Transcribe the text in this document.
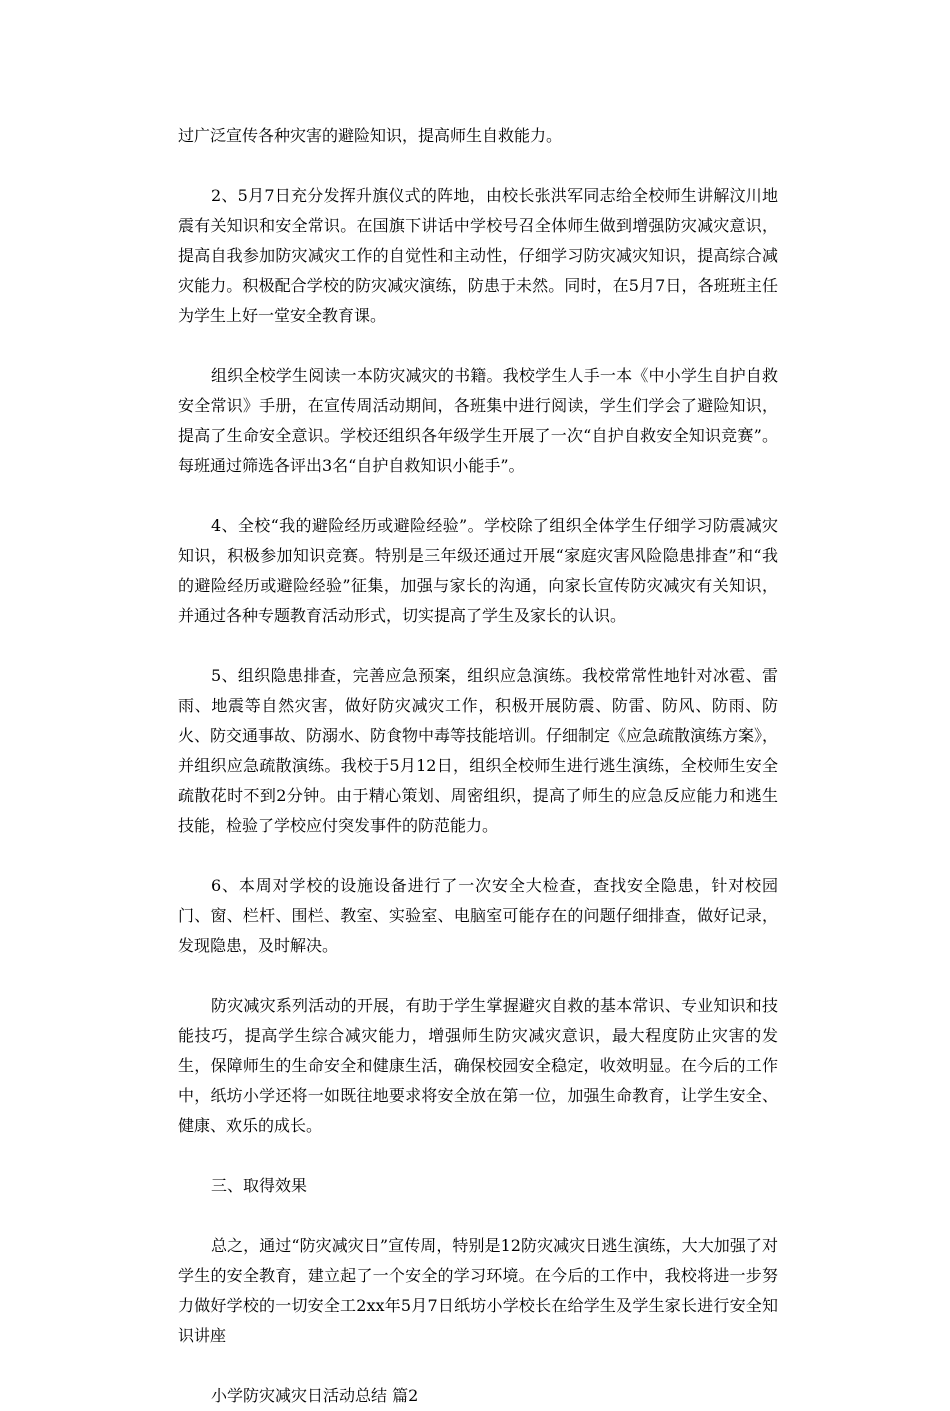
过广泛宣传各种灾害的避险知识，提高师生自救能力。

2、5月7日充分发挥升旗仪式的阵地，由校长张洪军同志给全校师生讲解汶川地震有关知识和安全常识。在国旗下讲话中学校号召全体师生做到增强防灾减灾意识，提高自我参加防灾减灾工作的自觉性和主动性，仔细学习防灾减灾知识，提高综合减灾能力。积极配合学校的防灾减灾演练，防患于未然。同时，在5月7日，各班班主任为学生上好一堂安全教育课。

组织全校学生阅读一本防灾减灾的书籍。我校学生人手一本《中小学生自护自救安全常识》手册，在宣传周活动期间，各班集中进行阅读，学生们学会了避险知识，提高了生命安全意识。学校还组织各年级学生开展了一次“自护自救安全知识竞赛”。每班通过筛选各评出3名“自护自救知识小能手”。

4、全校“我的避险经历或避险经验”。学校除了组织全体学生仔细学习防震减灾知识，积极参加知识竞赛。特别是三年级还通过开展“家庭灾害风险隐患排查”和“我的避险经历或避险经验”征集，加强与家长的沟通，向家长宣传防灾减灾有关知识，并通过各种专题教育活动形式，切实提高了学生及家长的认识。

5、组织隐患排查，完善应急预案，组织应急演练。我校常常性地针对冰雹、雷雨、地震等自然灾害，做好防灾减灾工作，积极开展防震、防雷、防风、防雨、防火、防交通事故、防溺水、防食物中毒等技能培训。仔细制定《应急疏散演练方案》，并组织应急疏散演练。我校于5月12日，组织全校师生进行逃生演练，全校师生安全疏散花时不到2分钟。由于精心策划、周密组织，提高了师生的应急反应能力和逃生技能，检验了学校应付突发事件的防范能力。

6、本周对学校的设施设备进行了一次安全大检查，查找安全隐患，针对校园门、窗、栏杆、围栏、教室、实验室、电脑室可能存在的问题仔细排查，做好记录，发现隐患，及时解决。

防灾减灾系列活动的开展，有助于学生掌握避灾自救的基本常识、专业知识和技能技巧，提高学生综合减灾能力，增强师生防灾减灾意识，最大程度防止灾害的发生，保障师生的生命安全和健康生活，确保校园安全稳定，收效明显。在今后的工作中，纸坊小学还将一如既往地要求将安全放在第一位，加强生命教育，让学生安全、健康、欢乐的成长。

三、取得效果

总之，通过“防灾减灾日”宣传周，特别是12防灾减灾日逃生演练，大大加强了对学生的安全教育，建立起了一个安全的学习环境。在今后的工作中，我校将进一步努力做好学校的一切安全工2xx年5月7日纸坊小学校长在给学生及学生家长进行安全知识讲座

小学防灾减灾日活动总结 篇2
